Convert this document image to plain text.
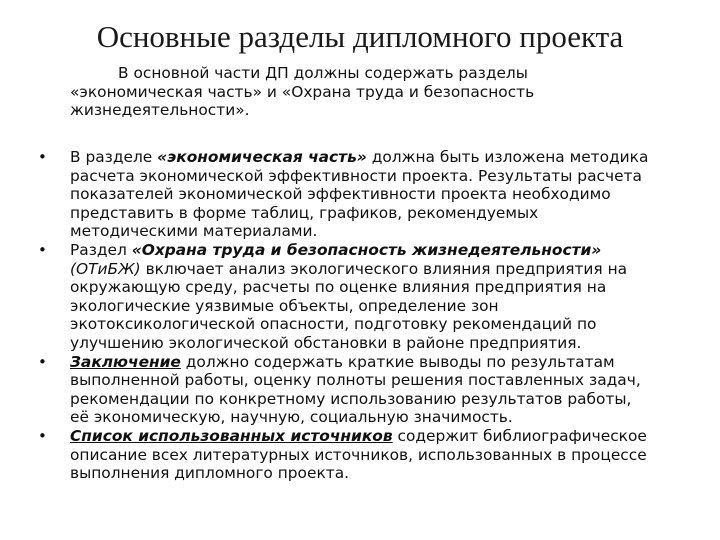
Основные разделы дипломного проекта

В основной части ДП должны содержать разделы
«экономическая часть» и «Охрана труда и безопасность
жизнедеятельности».

• В разделе «экономическая часть» должна быть изложена методика
расчета экономической эффективности проекта. Результаты расчета
показателей экономической эффективности проекта необходимо
представить в форме таблиц, графиков, рекомендуемых
методическими материалами.
• Раздел «Охрана труда и безопасность жизнедеятельности»
(ОТиБЖ) включает анализ экологического влияния предприятия на
окружающую среду, расчеты по оценке влияния предприятия на
экологические уязвимые объекты, определение зон
экотоксикологической опасности, подготовку рекомендаций по
улучшению экологической обстановки в районе предприятия.
• Заключение должно содержать краткие выводы по результатам
выполненной работы, оценку полноты решения поставленных задач,
рекомендации по конкретному использованию результатов работы,
её экономическую, научную, социальную значимость.
• Список использованных источников содержит библиографическое
описание всех литературных источников, использованных в процессе
выполнения дипломного проекта.
